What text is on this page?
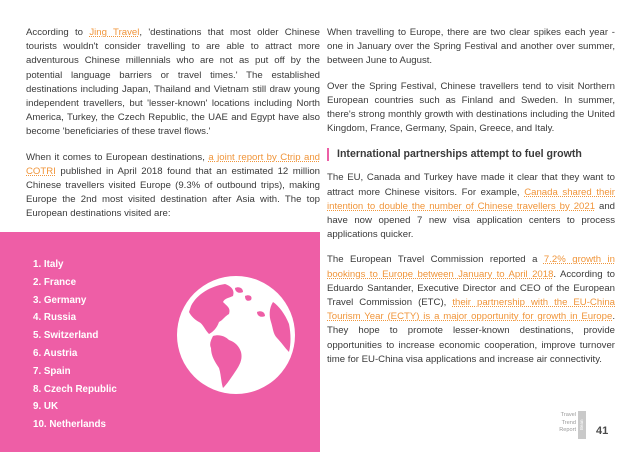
According to Jing Travel, 'destinations that most older Chinese tourists wouldn't consider travelling to are able to attract more adventurous Chinese millennials who are not as put off by the potential language barriers or travel times.' The established destinations including Japan, Thailand and Vietnam still draw young independent travellers, but 'lesser-known' locations including North America, Turkey, the Czech Republic, the UAE and Egypt have also become 'beneficiaries of these travel flows.'

When it comes to European destinations, a joint report by Ctrip and COTRI published in April 2018 found that an estimated 12 million Chinese travellers visited Europe (9.3% of outbound trips), making Europe the 2nd most visited destination after Asia with. The top European destinations visited are:

1. Italy
2. France
3. Germany
4. Russia
5. Switzerland
6. Austria
7. Spain
8. Czech Republic
9. UK
10. Netherlands

When travelling to Europe, there are two clear spikes each year - one in January over the Spring Festival and another over summer, between June to August.

Over the Spring Festival, Chinese travellers tend to visit Northern European countries such as Finland and Sweden. In summer, there's strong monthly growth with destinations including the United Kingdom, France, Germany, Spain, Greece, and Italy.

International partnerships attempt to fuel growth

The EU, Canada and Turkey have made it clear that they want to attract more Chinese visitors. For example, Canada shared their intention to double the number of Chinese travellers by 2021 and have now opened 7 new visa application centers to process applications quicker.

The European Travel Commission reported a 7.2% growth in bookings to Europe between January to April 2018. According to Eduardo Santander, Executive Director and CEO of the European Travel Commission (ETC), their partnership with the EU-China Tourism Year (ECTY) is a major opportunity for growth in Europe. They hope to promote lesser-known destinations, provide opportunities to increase economic cooperation, improve turnover time for EU-China visa applications and increase air connectivity.

Travel
Trend
Report Bean 41
